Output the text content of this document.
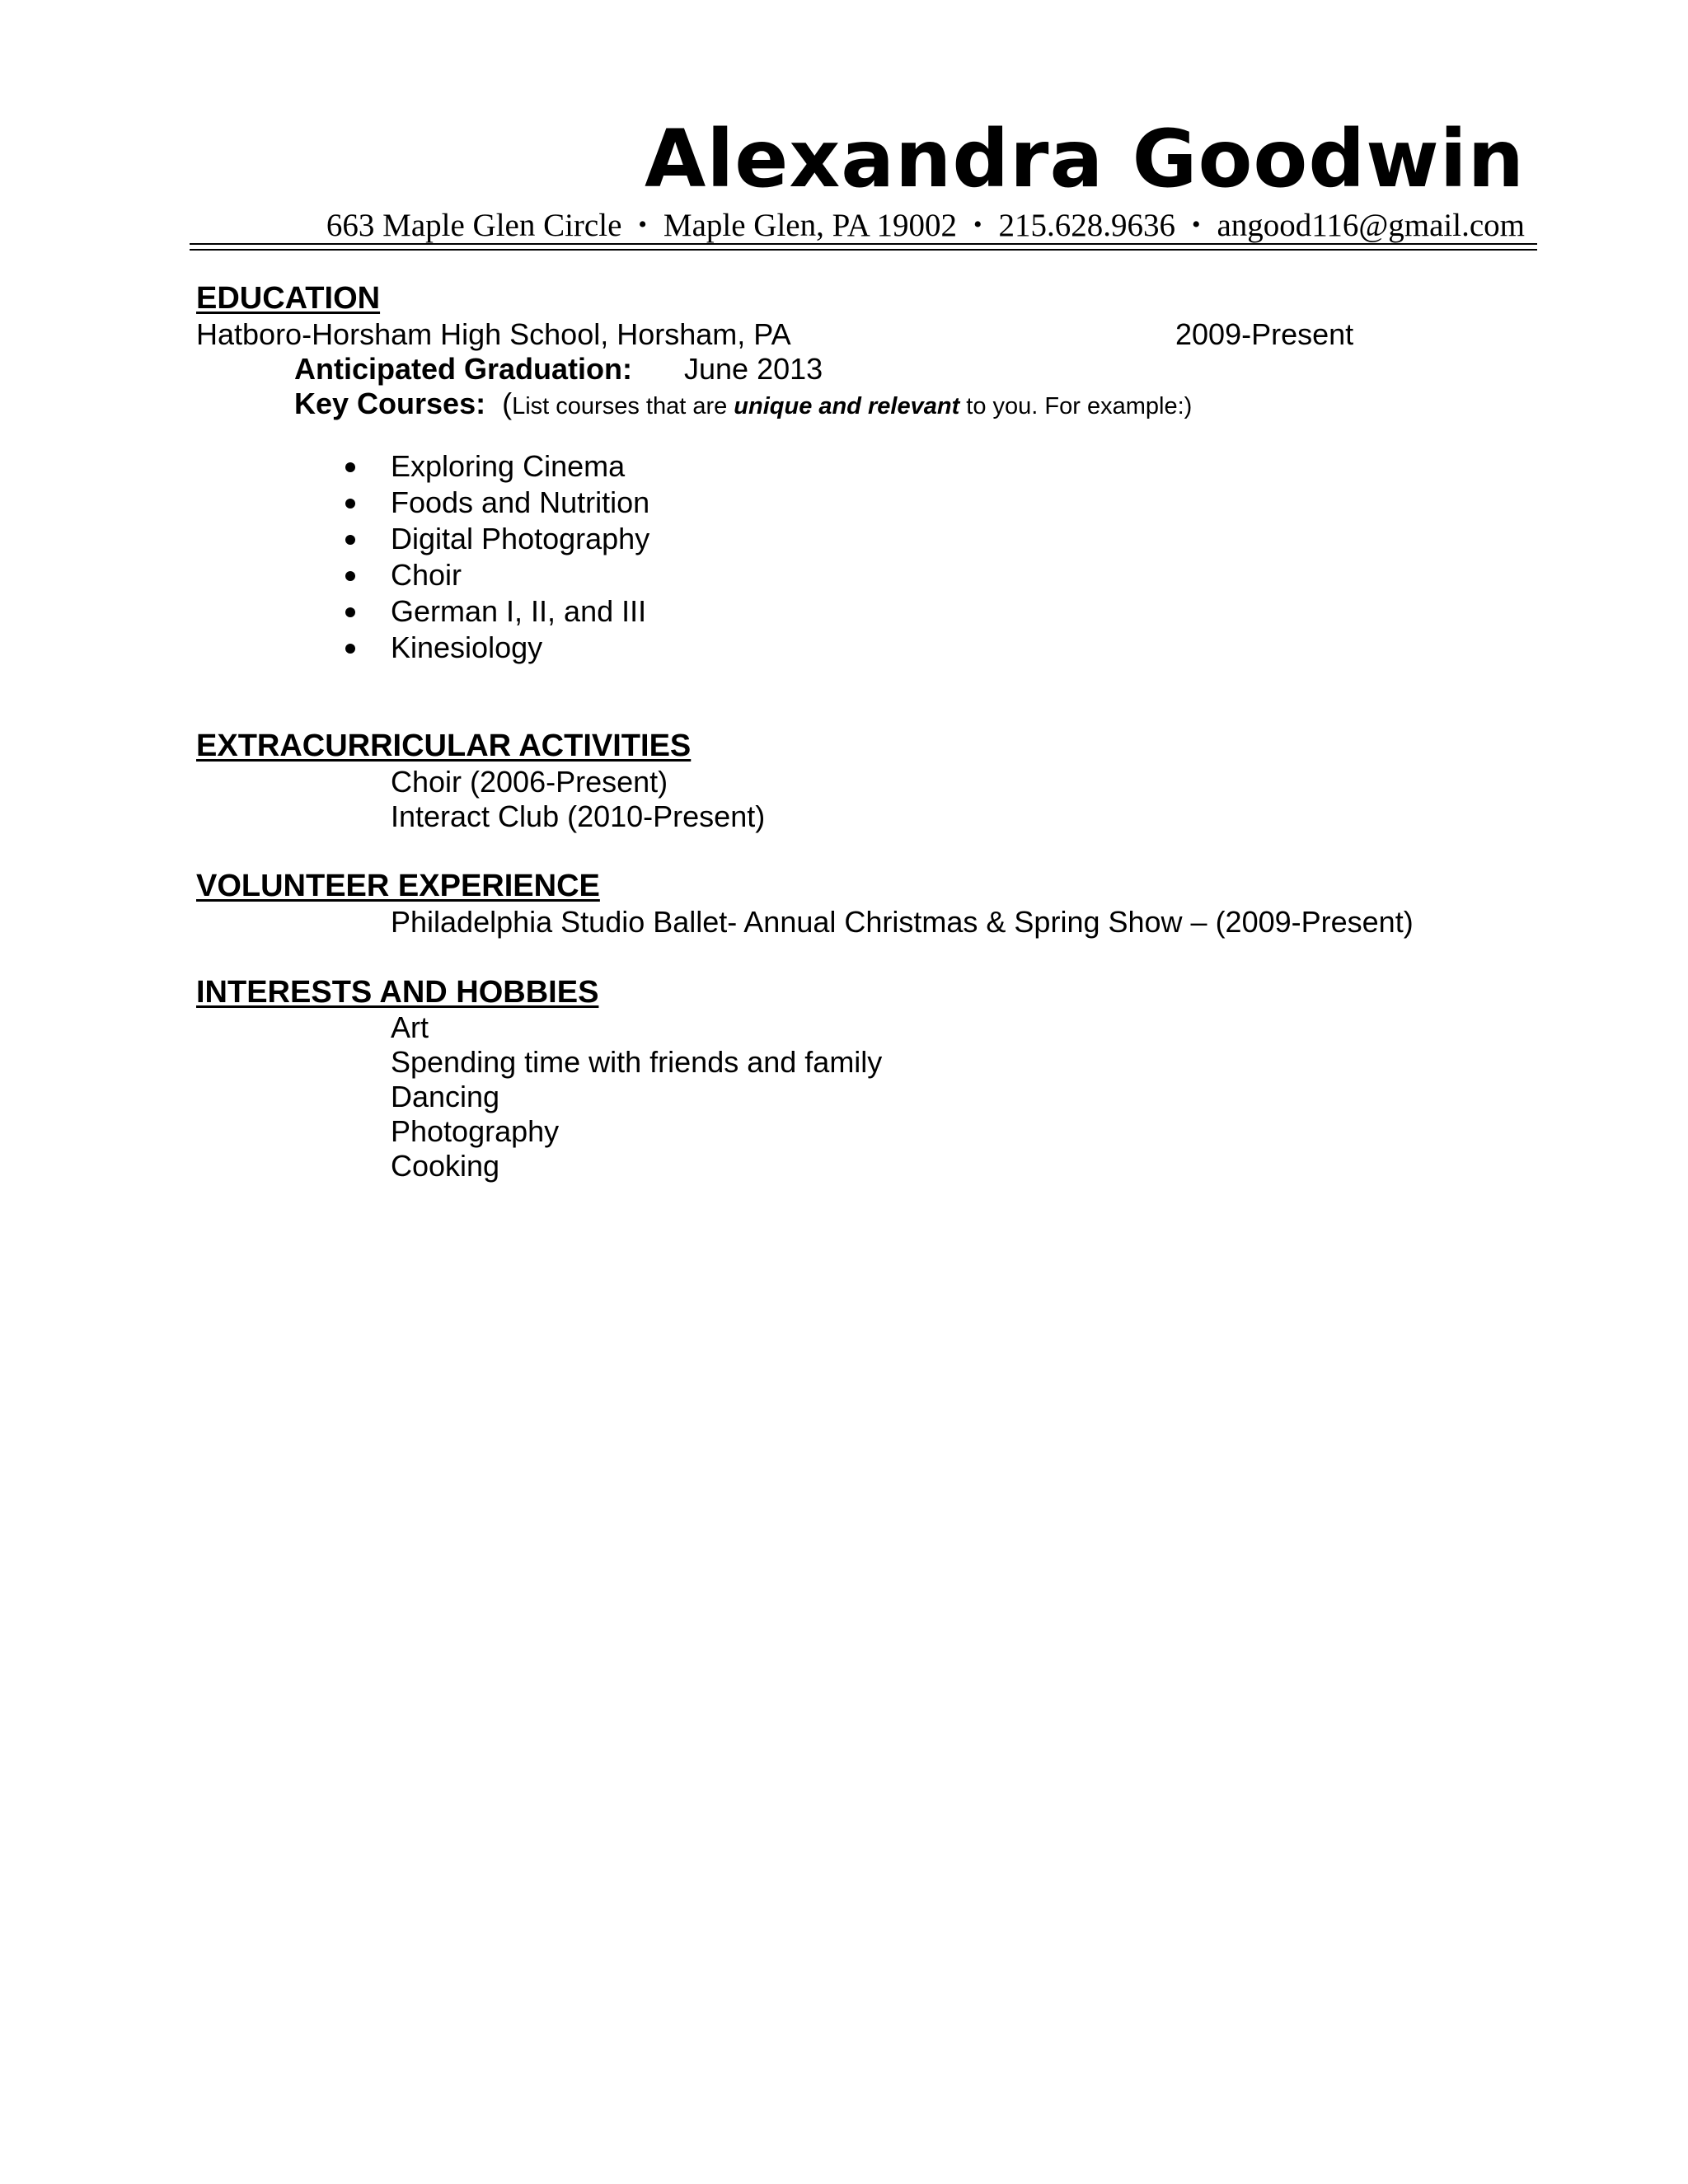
Alexandra Goodwin
663 Maple Glen Circle • Maple Glen, PA 19002 • 215.628.9636 • angood116@gmail.com
EDUCATION
Hatboro-Horsham High School, Horsham, PA	2009-Present
Anticipated Graduation: June 2013
Key Courses: (List courses that are unique and relevant to you. For example:)
Exploring Cinema
Foods and Nutrition
Digital Photography
Choir
German I, II, and III
Kinesiology
EXTRACURRICULAR ACTIVITIES
Choir (2006-Present)
Interact Club (2010-Present)
VOLUNTEER EXPERIENCE
Philadelphia Studio Ballet- Annual Christmas & Spring Show – (2009-Present)
INTERESTS AND HOBBIES
Art
Spending time with friends and family
Dancing
Photography
Cooking
